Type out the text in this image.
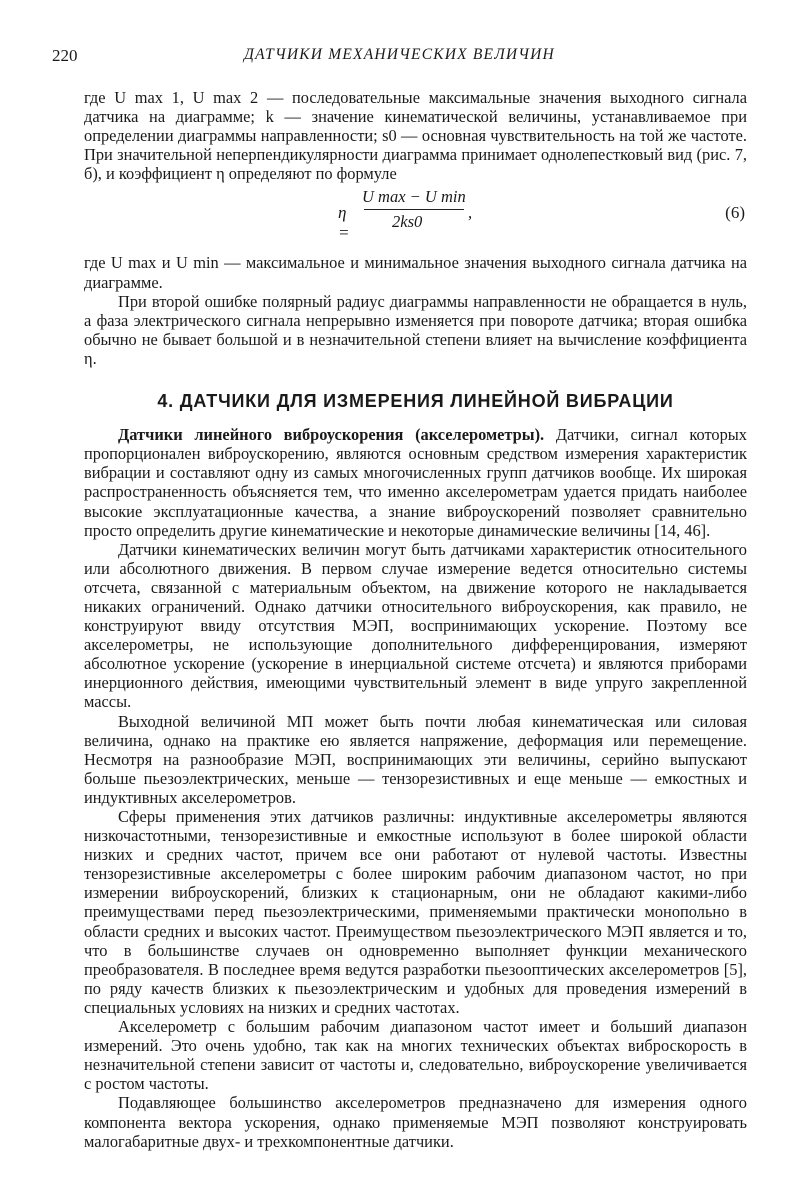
220	ДАТЧИКИ МЕХАНИЧЕСКИХ ВЕЛИЧИН

где U max 1, U max 2 — последовательные максимальные значения выходного сигнала датчика на диаграмме; k — значение кинематической величины, устанавливаемое при определении диаграммы направленности; s0 — основная чувствительность на той же частоте. При значительной неперпендикулярности диаграмма принимает однолепестковый вид (рис. 7, б), и коэффициент η определяют по формуле

η =
U max − U min
2ks0	,	(6)

где U max и U min — максимальное и минимальное значения выходного сигнала датчика на диаграмме.

При второй ошибке полярный радиус диаграммы направленности не обращается в нуль, а фаза электрического сигнала непрерывно изменяется при повороте датчика; вторая ошибка обычно не бывает большой и в незначительной степени влияет на вычисление коэффициента η.

4. ДАТЧИКИ ДЛЯ ИЗМЕРЕНИЯ ЛИНЕЙНОЙ ВИБРАЦИИ

Датчики линейного виброускорения (акселерометры). Датчики, сигнал которых пропорционален виброускорению, являются основным средством измерения характеристик вибрации и составляют одну из самых многочисленных групп датчиков вообще. Их широкая распространенность объясняется тем, что именно акселерометрам удается придать наиболее высокие эксплуатационные качества, а знание виброускорений позволяет сравнительно просто определить другие кинематические и некоторые динамические величины [14, 46].

Датчики кинематических величин могут быть датчиками характеристик относительного или абсолютного движения. В первом случае измерение ведется относительно системы отсчета, связанной с материальным объектом, на движение которого не накладывается никаких ограничений. Однако датчики относительного виброускорения, как правило, не конструируют ввиду отсутствия МЭП, воспринимающих ускорение. Поэтому все акселерометры, не использующие дополнительного дифференцирования, измеряют абсолютное ускорение (ускорение в инерциальной системе отсчета) и являются приборами инерционного действия, имеющими чувствительный элемент в виде упруго закрепленной массы.

Выходной величиной МП может быть почти любая кинематическая или силовая величина, однако на практике ею является напряжение, деформация или перемещение. Несмотря на разнообразие МЭП, воспринимающих эти величины, серийно выпускают больше пьезоэлектрических, меньше — тензорезистивных и еще меньше — емкостных и индуктивных акселерометров.

Сферы применения этих датчиков различны: индуктивные акселерометры являются низкочастотными, тензорезистивные и емкостные используют в более широкой области низких и средних частот, причем все они работают от нулевой частоты. Известны тензорезистивные акселерометры с более широким рабочим диапазоном частот, но при измерении виброускорений, близких к стационарным, они не обладают какими-либо преимуществами перед пьезоэлектрическими, применяемыми практически монопольно в области средних и высоких частот. Преимуществом пьезоэлектрического МЭП является и то, что в большинстве случаев он одновременно выполняет функции механического преобразователя. В последнее время ведутся разработки пьезооптических акселерометров [5], по ряду качеств близких к пьезоэлектрическим и удобных для проведения измерений в специальных условиях на низких и средних частотах.

Акселерометр с большим рабочим диапазоном частот имеет и больший диапазон измерений. Это очень удобно, так как на многих технических объектах виброскорость в незначительной степени зависит от частоты и, следовательно, виброускорение увеличивается с ростом частоты.

Подавляющее большинство акселерометров предназначено для измерения одного компонента вектора ускорения, однако применяемые МЭП позволяют конструировать малогабаритные двух- и трехкомпонентные датчики.
